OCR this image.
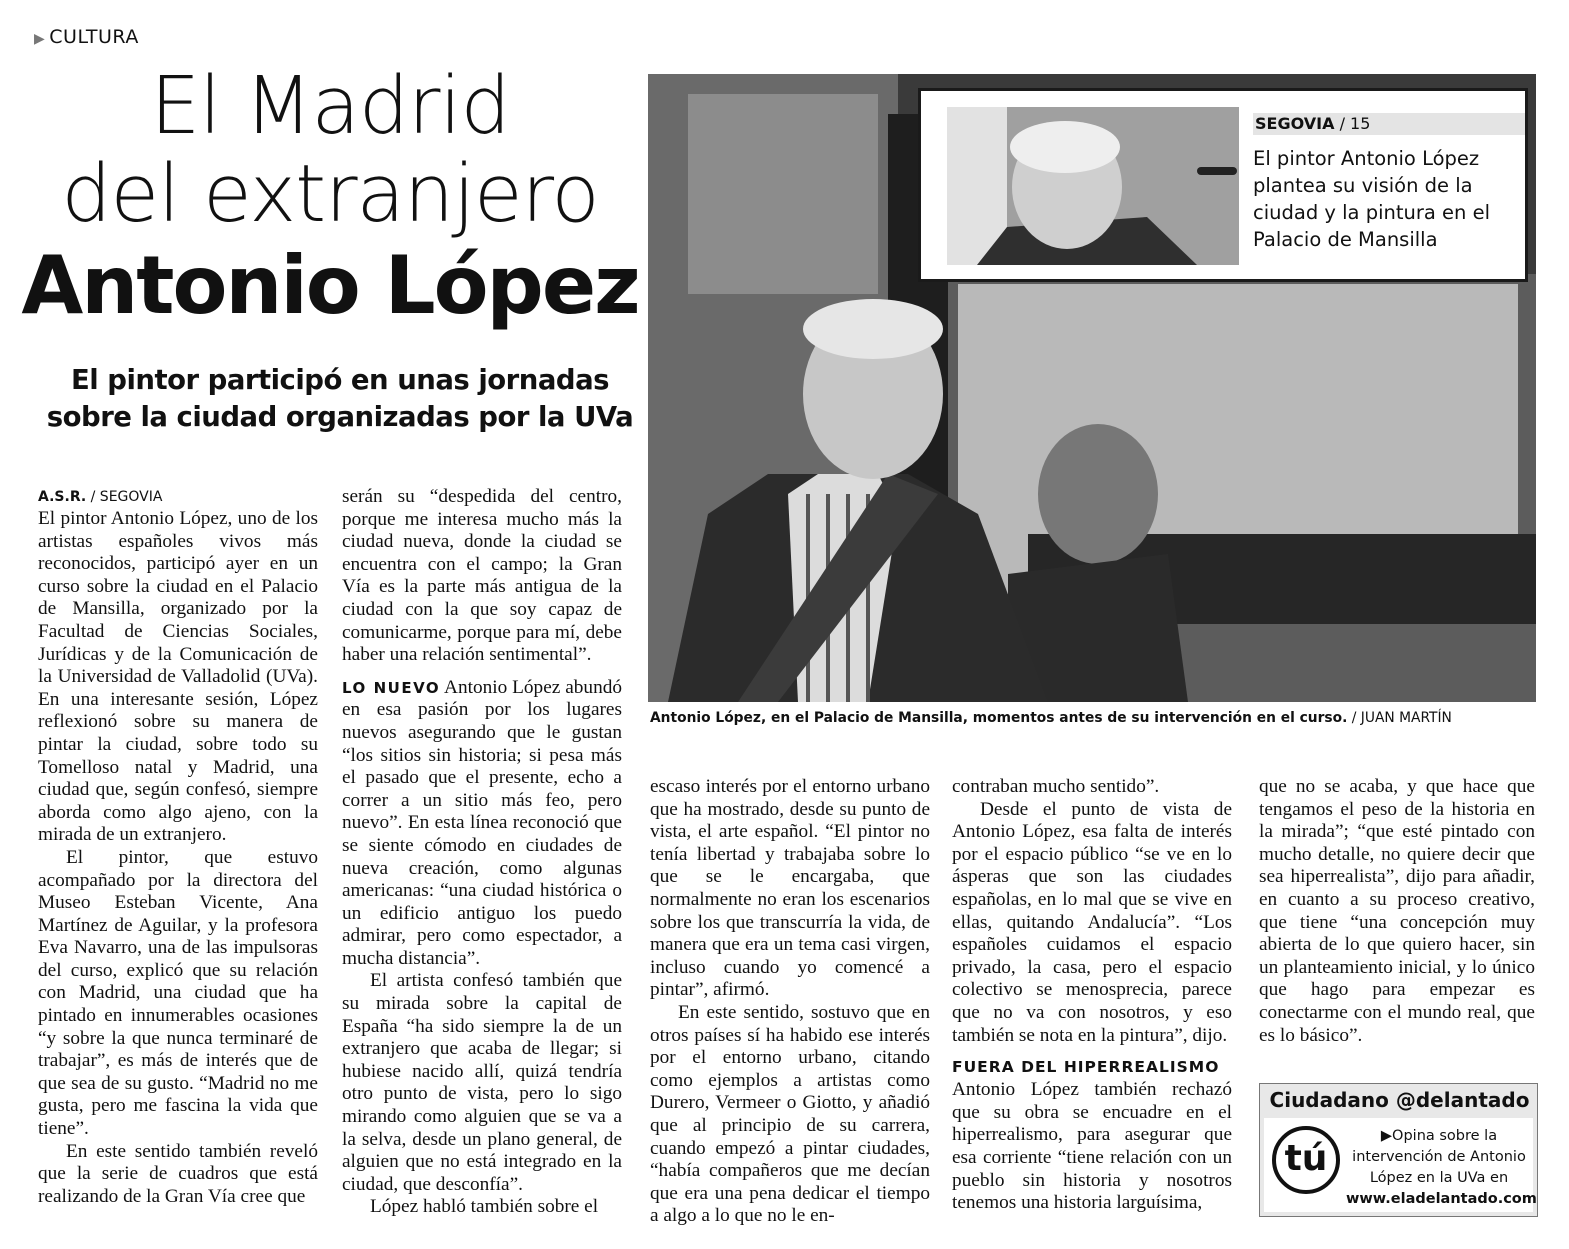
▶ CULTURA
El Madrid
del extranjero
Antonio López
El pintor participó en unas jornadas sobre la ciudad organizadas por la UVa
A.S.R. / SEGOVIA

El pintor Antonio López, uno de los artistas españoles vivos más reconocidos, participó ayer en un curso sobre la ciudad en el Palacio de Mansilla, organizado por la Facultad de Ciencias Sociales, Jurídicas y de la Comunicación de la Universidad de Valladolid (UVa). En una interesante sesión, López reflexionó sobre su manera de pintar la ciudad, sobre todo su Tomelloso natal y Madrid, una ciudad que, según confesó, siempre aborda como algo ajeno, con la mirada de un extranjero.

El pintor, que estuvo acompañado por la directora del Museo Esteban Vicente, Ana Martínez de Aguilar, y la profesora Eva Navarro, una de las impulsoras del curso, explicó que su relación con Madrid, una ciudad que ha pintado en innumerables ocasiones “y sobre la que nunca terminaré de trabajar”, es más de interés que de que sea de su gusto. “Madrid no me gusta, pero me fascina la vida que tiene”.

En este sentido también reveló que la serie de cuadros que está realizando de la Gran Vía cree que

serán su “despedida del centro, porque me interesa mucho más la ciudad nueva, donde la ciudad se encuentra con el campo; la Gran Vía es la parte más antigua de la ciudad con la que soy capaz de comunicarme, porque para mí, debe haber una relación sentimental”.

LO NUEVO Antonio López abundó en esa pasión por los lugares nuevos asegurando que le gustan “los sitios sin historia; si pesa más el pasado que el presente, echo a correr a un sitio más feo, pero nuevo”. En esta línea reconoció que se siente cómodo en ciudades de nueva creación, como algunas americanas: “una ciudad histórica o un edificio antiguo los puedo admirar, pero como espectador, a mucha distancia”.

El artista confesó también que su mirada sobre la capital de España “ha sido siempre la de un extranjero que acaba de llegar; si hubiese nacido allí, quizá tendría otro punto de vista, pero lo sigo mirando como alguien que se va a la selva, desde un plano general, de alguien que no está integrado en la ciudad, que desconfía”.

López habló también sobre el

SEGOVIA / 15
El pintor Antonio López plantea su visión de la ciudad y la pintura en el Palacio de Mansilla
Antonio López, en el Palacio de Mansilla, momentos antes de su intervención en el curso. / JUAN MARTÍN

escaso interés por el entorno urbano que ha mostrado, desde su punto de vista, el arte español. “El pintor no tenía libertad y trabajaba sobre lo que se le encargaba, que normalmente no eran los escenarios sobre los que transcurría la vida, de manera que era un tema casi virgen, incluso cuando yo comencé a pintar”, afirmó.

En este sentido, sostuvo que en otros países sí ha habido ese interés por el entorno urbano, citando como ejemplos a artistas como Durero, Vermeer o Giotto, y añadió que al principio de su carrera, cuando empezó a pintar ciudades, “había compañeros que me decían que era una pena dedicar el tiempo a algo a lo que no le en-

contraban mucho sentido”.

Desde el punto de vista de Antonio López, esa falta de interés por el espacio público “se ve en lo ásperas que son las ciudades españolas, en lo mal que se vive en ellas, quitando Andalucía”. “Los españoles cuidamos el espacio privado, la casa, pero el espacio colectivo se menosprecia, parece que no va con nosotros, y eso también se nota en la pintura”, dijo.

FUERA DEL HIPERREALISMO

Antonio López también rechazó que su obra se encuadre en el hiperrealismo, para asegurar que esa corriente “tiene relación con un pueblo sin historia y nosotros tenemos una historia larguísima,

que no se acaba, y que hace que tengamos el peso de la historia en la mirada”; “que esté pintado con mucho detalle, no quiere decir que sea hiperrealista”, dijo para añadir, en cuanto a su proceso creativo, que tiene “una concepción muy abierta de lo que quiero hacer, sin un planteamiento inicial, y lo único que hago para empezar es conectarme con el mundo real, que es lo básico”.

Ciudadano @delantado
tú
▶Opina sobre la intervención de Antonio López en la UVa en
www.eladelantado.com
